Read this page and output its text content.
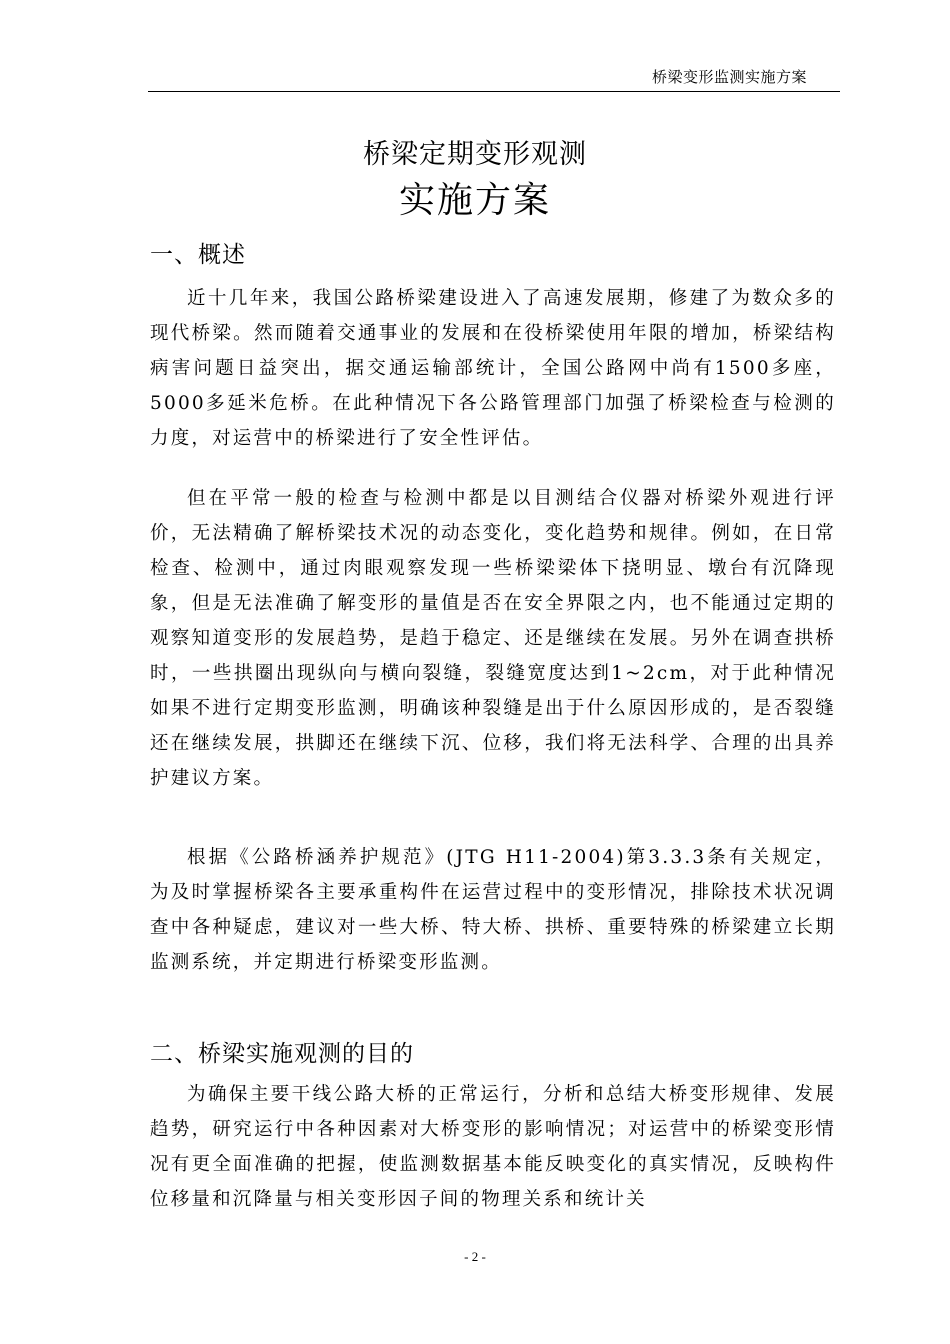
桥梁变形监测实施方案
桥梁定期变形观测
实施方案
一、概述

近十几年来，我国公路桥梁建设进入了高速发展期，修建了为数众多的现代桥梁。然而随着交通事业的发展和在役桥梁使用年限的增加，桥梁结构病害问题日益突出，据交通运输部统计，全国公路网中尚有1500多座，5000多延米危桥。在此种情况下各公路管理部门加强了桥梁检查与检测的力度，对运营中的桥梁进行了安全性评估。

但在平常一般的检查与检测中都是以目测结合仪器对桥梁外观进行评价，无法精确了解桥梁技术况的动态变化，变化趋势和规律。例如，在日常检查、检测中，通过肉眼观察发现一些桥梁梁体下挠明显、墩台有沉降现象，但是无法准确了解变形的量值是否在安全界限之内，也不能通过定期的观察知道变形的发展趋势，是趋于稳定、还是继续在发展。另外在调查拱桥时，一些拱圈出现纵向与横向裂缝，裂缝宽度达到1~2cm，对于此种情况如果不进行定期变形监测，明确该种裂缝是出于什么原因形成的，是否裂缝还在继续发展，拱脚还在继续下沉、位移，我们将无法科学、合理的出具养护建议方案。

根据《公路桥涵养护规范》(JTG H11-2004)第3.3.3条有关规定，为及时掌握桥梁各主要承重构件在运营过程中的变形情况，排除技术状况调查中各种疑虑，建议对一些大桥、特大桥、拱桥、重要特殊的桥梁建立长期监测系统，并定期进行桥梁变形监测。

二、桥梁实施观测的目的

为确保主要干线公路大桥的正常运行，分析和总结大桥变形规律、发展趋势，研究运行中各种因素对大桥变形的影响情况；对运营中的桥梁变形情况有更全面准确的把握，使监测数据基本能反映变化的真实情况，反映构件位移量和沉降量与相关变形因子间的物理关系和统计关

- 2 -
